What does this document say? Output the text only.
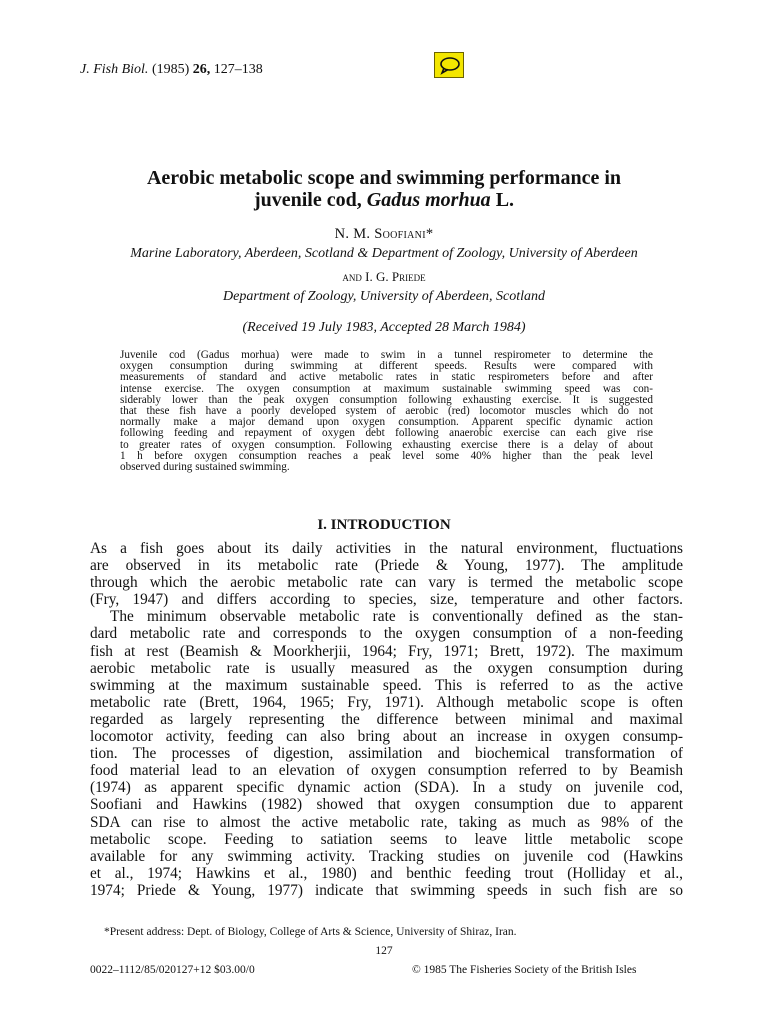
J. Fish Biol. (1985) 26, 127–138
Aerobic metabolic scope and swimming performance in
juvenile cod, Gadus morhua L.
N. M. Soofiani*
Marine Laboratory, Aberdeen, Scotland & Department of Zoology, University of Aberdeen
and I. G. Priede
Department of Zoology, University of Aberdeen, Scotland
(Received 19 July 1983, Accepted 28 March 1984)
Juvenile cod (Gadus morhua) were made to swim in a tunnel respirometer to determine the
oxygen consumption during swimming at different speeds. Results were compared with
measurements of standard and active metabolic rates in static respirometers before and after
intense exercise. The oxygen consumption at maximum sustainable swimming speed was con-
siderably lower than the peak oxygen consumption following exhausting exercise. It is suggested
that these fish have a poorly developed system of aerobic (red) locomotor muscles which do not
normally make a major demand upon oxygen consumption. Apparent specific dynamic action
following feeding and repayment of oxygen debt following anaerobic exercise can each give rise
to greater rates of oxygen consumption. Following exhausting exercise there is a delay of about
1 h before oxygen consumption reaches a peak level some 40% higher than the peak level
observed during sustained swimming.
I. INTRODUCTION
As a fish goes about its daily activities in the natural environment, fluctuations
are observed in its metabolic rate (Priede & Young, 1977). The amplitude
through which the aerobic metabolic rate can vary is termed the metabolic scope
(Fry, 1947) and differs according to species, size, temperature and other factors.
The minimum observable metabolic rate is conventionally defined as the stan-
dard metabolic rate and corresponds to the oxygen consumption of a non-feeding
fish at rest (Beamish & Moorkherjii, 1964; Fry, 1971; Brett, 1972). The maximum
aerobic metabolic rate is usually measured as the oxygen consumption during
swimming at the maximum sustainable speed. This is referred to as the active
metabolic rate (Brett, 1964, 1965; Fry, 1971). Although metabolic scope is often
regarded as largely representing the difference between minimal and maximal
locomotor activity, feeding can also bring about an increase in oxygen consump-
tion. The processes of digestion, assimilation and biochemical transformation of
food material lead to an elevation of oxygen consumption referred to by Beamish
(1974) as apparent specific dynamic action (SDA). In a study on juvenile cod,
Soofiani and Hawkins (1982) showed that oxygen consumption due to apparent
SDA can rise to almost the active metabolic rate, taking as much as 98% of the
metabolic scope. Feeding to satiation seems to leave little metabolic scope
available for any swimming activity. Tracking studies on juvenile cod (Hawkins
et al., 1974; Hawkins et al., 1980) and benthic feeding trout (Holliday et al.,
1974; Priede & Young, 1977) indicate that swimming speeds in such fish are so
*Present address: Dept. of Biology, College of Arts & Science, University of Shiraz, Iran.
127
0022–1112/85/020127+12 $03.00/0	© 1985 The Fisheries Society of the British Isles
